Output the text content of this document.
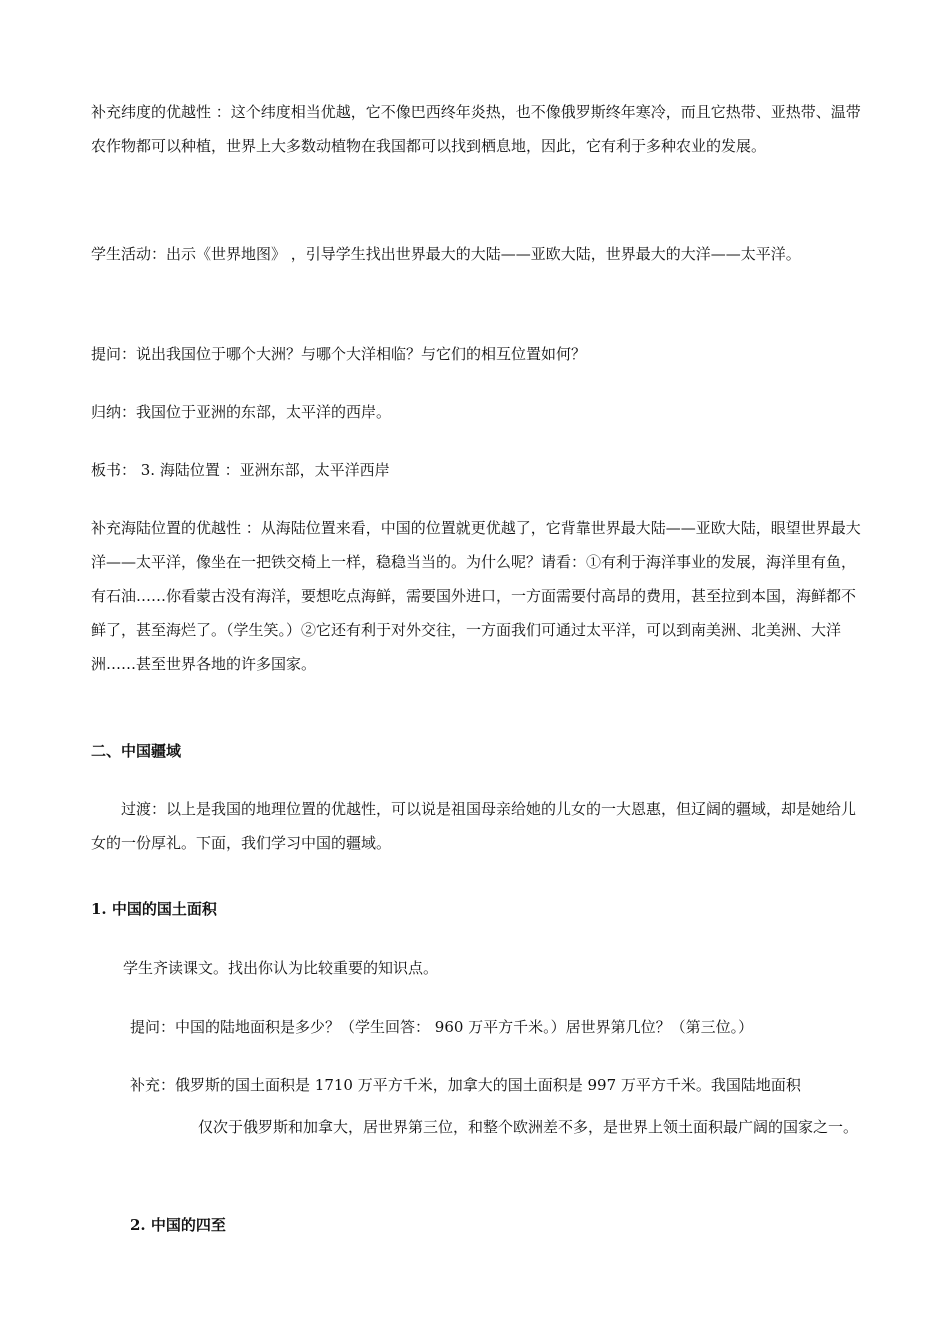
补充纬度的优越性 ：这个纬度相当优越，它不像巴西终年炎热，也不像俄罗斯终年寒冷，而且它热带、亚热带、温带农作物都可以种植，世界上大多数动植物在我国都可以找到栖息地，因此，它有利于多种农业的发展。

学生活动：出示《世界地图》 ，引导学生找出世界最大的大陆——亚欧大陆，世界最大的大洋——太平洋。

提问：说出我国位于哪个大洲？与哪个大洋相临？与它们的相互位置如何？

归纳：我国位于亚洲的东部，太平洋的西岸。

板书： 3. 海陆位置 ：亚洲东部，太平洋西岸

补充海陆位置的优越性 ：从海陆位置来看，中国的位置就更优越了，它背靠世界最大陆——亚欧大陆，眼望世界最大洋——太平洋，像坐在一把铁交椅上一样，稳稳当当的。为什么呢？请看：①有利于海洋事业的发展，海洋里有鱼，有石油……你看蒙古没有海洋，要想吃点海鲜，需要国外进口，一方面需要付高昂的费用，甚至拉到本国，海鲜都不鲜了，甚至海烂了。（学生笑。）②它还有利于对外交往，一方面我们可通过太平洋，可以到南美洲、北美洲、大洋洲……甚至世界各地的许多国家。

二、中国疆域

过渡：以上是我国的地理位置的优越性，可以说是祖国母亲给她的儿女的一大恩惠，但辽阔的疆域，却是她给儿女的一份厚礼。下面，我们学习中国的疆域。

1. 中国的国土面积

学生齐读课文。找出你认为比较重要的知识点。

提问：中国的陆地面积是多少？（学生回答： 960 万平方千米。）居世界第几位？（第三位。）

补充：俄罗斯的国土面积是 1710 万平方千米，加拿大的国土面积是 997 万平方千米。我国陆地面积

仅次于俄罗斯和加拿大，居世界第三位，和整个欧洲差不多，是世界上领土面积最广阔的国家之一。

2. 中国的四至
